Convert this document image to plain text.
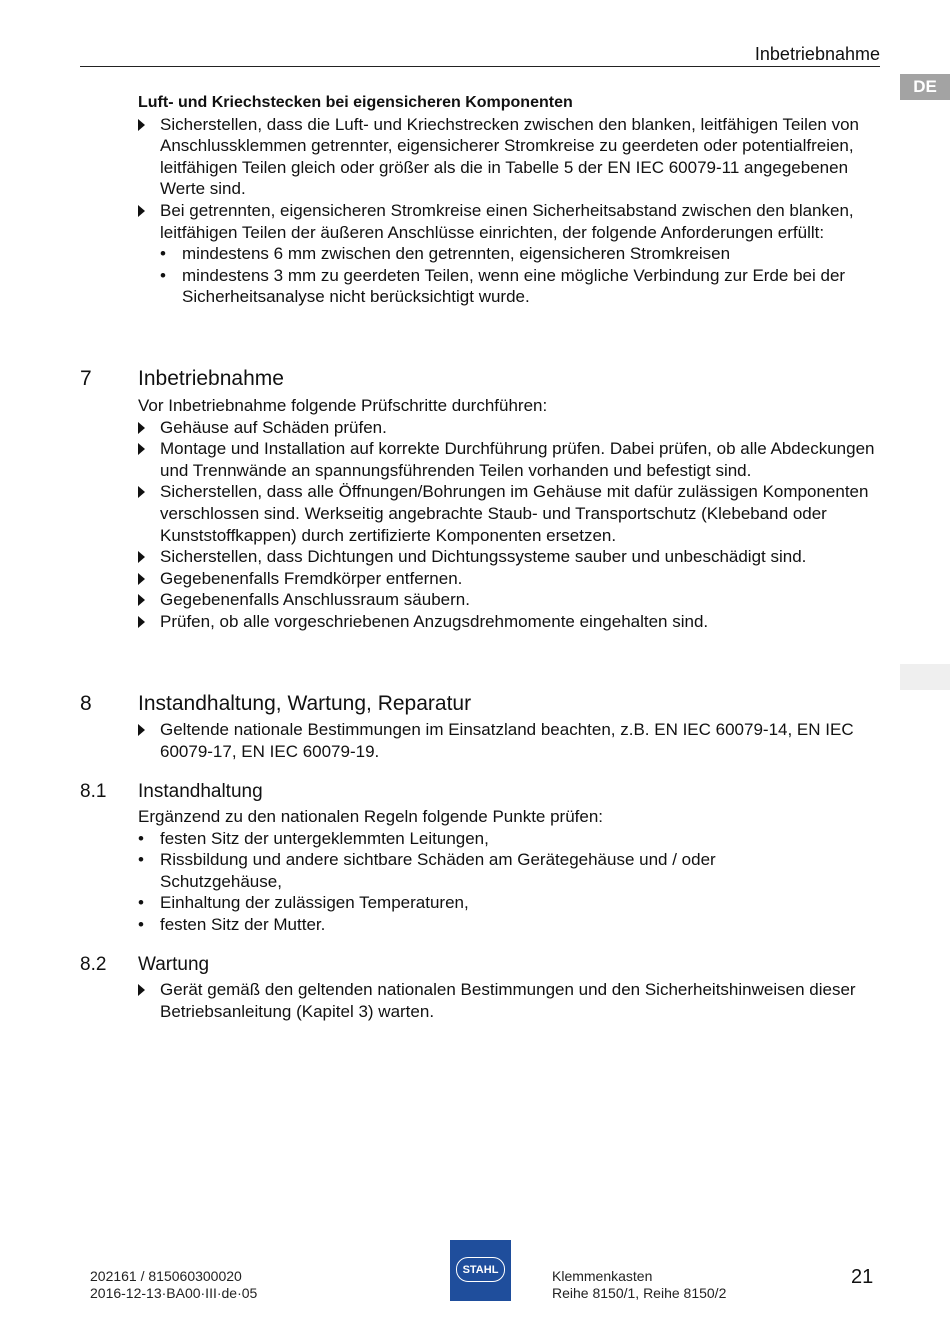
Inbetriebnahme
DE

Luft- und Kriechstecken bei eigensicheren Komponenten

Sicherstellen, dass die Luft- und Kriechstrecken zwischen den blanken, leitfähigen Teilen von Anschlussklemmen getrennter, eigensicherer Stromkreise zu geerdeten oder potentialfreien, leitfähigen Teilen gleich oder größer als die in Tabelle 5 der EN IEC 60079-11 angegebenen Werte sind.

Bei getrennten, eigensicheren Stromkreise einen Sicherheitsabstand zwischen den blanken, leitfähigen Teilen der äußeren Anschlüsse einrichten, der folgende Anforderungen erfüllt:

• mindestens 6 mm zwischen den getrennten, eigensicheren Stromkreisen

• mindestens 3 mm zu geerdeten Teilen, wenn eine mögliche Verbindung zur Erde bei der Sicherheitsanalyse nicht berücksichtigt wurde.

7 Inbetriebnahme

Vor Inbetriebnahme folgende Prüfschritte durchführen:

Gehäuse auf Schäden prüfen.

Montage und Installation auf korrekte Durchführung prüfen. Dabei prüfen, ob alle Abdeckungen und Trennwände an spannungsführenden Teilen vorhanden und befestigt sind.

Sicherstellen, dass alle Öffnungen/Bohrungen im Gehäuse mit dafür zulässigen Komponenten verschlossen sind. Werkseitig angebrachte Staub- und Transportschutz (Klebeband oder Kunststoffkappen) durch zertifizierte Komponenten ersetzen.

Sicherstellen, dass Dichtungen und Dichtungssysteme sauber und unbeschädigt sind.

Gegebenenfalls Fremdkörper entfernen.

Gegebenenfalls Anschlussraum säubern.

Prüfen, ob alle vorgeschriebenen Anzugsdrehmomente eingehalten sind.

8 Instandhaltung, Wartung, Reparatur

Geltende nationale Bestimmungen im Einsatzland beachten, z.B. EN IEC 60079-14, EN IEC 60079-17, EN IEC 60079-19.

8.1 Instandhaltung

Ergänzend zu den nationalen Regeln folgende Punkte prüfen:

• festen Sitz der untergeklemmten Leitungen,

• Rissbildung und andere sichtbare Schäden am Gerätegehäuse und / oder Schutzgehäuse,

• Einhaltung der zulässigen Temperaturen,

• festen Sitz der Mutter.

8.2 Wartung

Gerät gemäß den geltenden nationalen Bestimmungen und den Sicherheitshinweisen dieser Betriebsanleitung (Kapitel 3) warten.

202161 / 815060300020
2016-12-13·BA00·III·de·05
STAHL	Klemmenkasten
Reihe 8150/1, Reihe 8150/2
21
